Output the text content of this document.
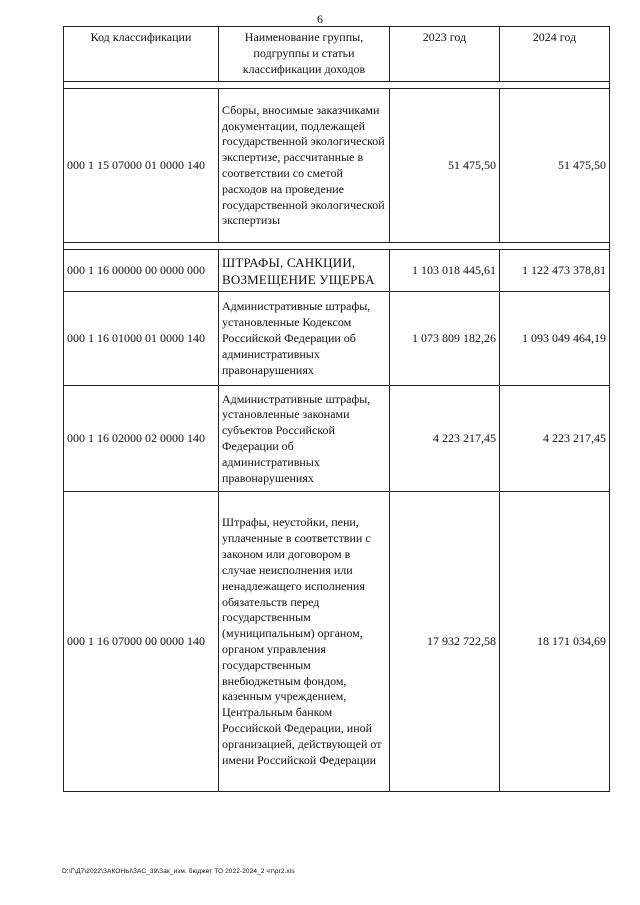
6
Код классификации	Наименование группы, подгруппы и статьи классификации доходов	2023 год	2024 год

000 1 15 07000 01 0000 140	Сборы, вносимые заказчиками документации, подлежащей государственной экологической экспертизе, рассчитанные в соответствии со сметой расходов на проведение государственной экологической экспертизы	51 475,50	51 475,50

000 1 16 00000 00 0000 000	ШТРАФЫ, САНКЦИИ, ВОЗМЕЩЕНИЕ УЩЕРБА	1 103 018 445,61	1 122 473 378,81
000 1 16 01000 01 0000 140	Административные штрафы, установленные Кодексом Российской Федерации об административных правонарушениях	1 073 809 182,26	1 093 049 464,19
000 1 16 02000 02 0000 140	Административные штрафы, установленные законами субъектов Российской Федерации об административных правонарушениях	4 223 217,45	4 223 217,45
000 1 16 07000 00 0000 140	Штрафы, неустойки, пени, уплаченные в соответствии с законом или договором в случае неисполнения или ненадлежащего исполнения обязательств перед государственным (муниципальным) органом, органом управления государственным внебюджетным фондом, казенным учреждением, Центральным банком Российской Федерации, иной организацией, действующей от имени Российской Федерации	17 932 722,58	18 171 034,69
D:\Г\Д7\2022\ЗАКОНЫ\ЗАС_39\Зак_изм. бюджет ТО 2022-2024_2 чт\pr2.xls
